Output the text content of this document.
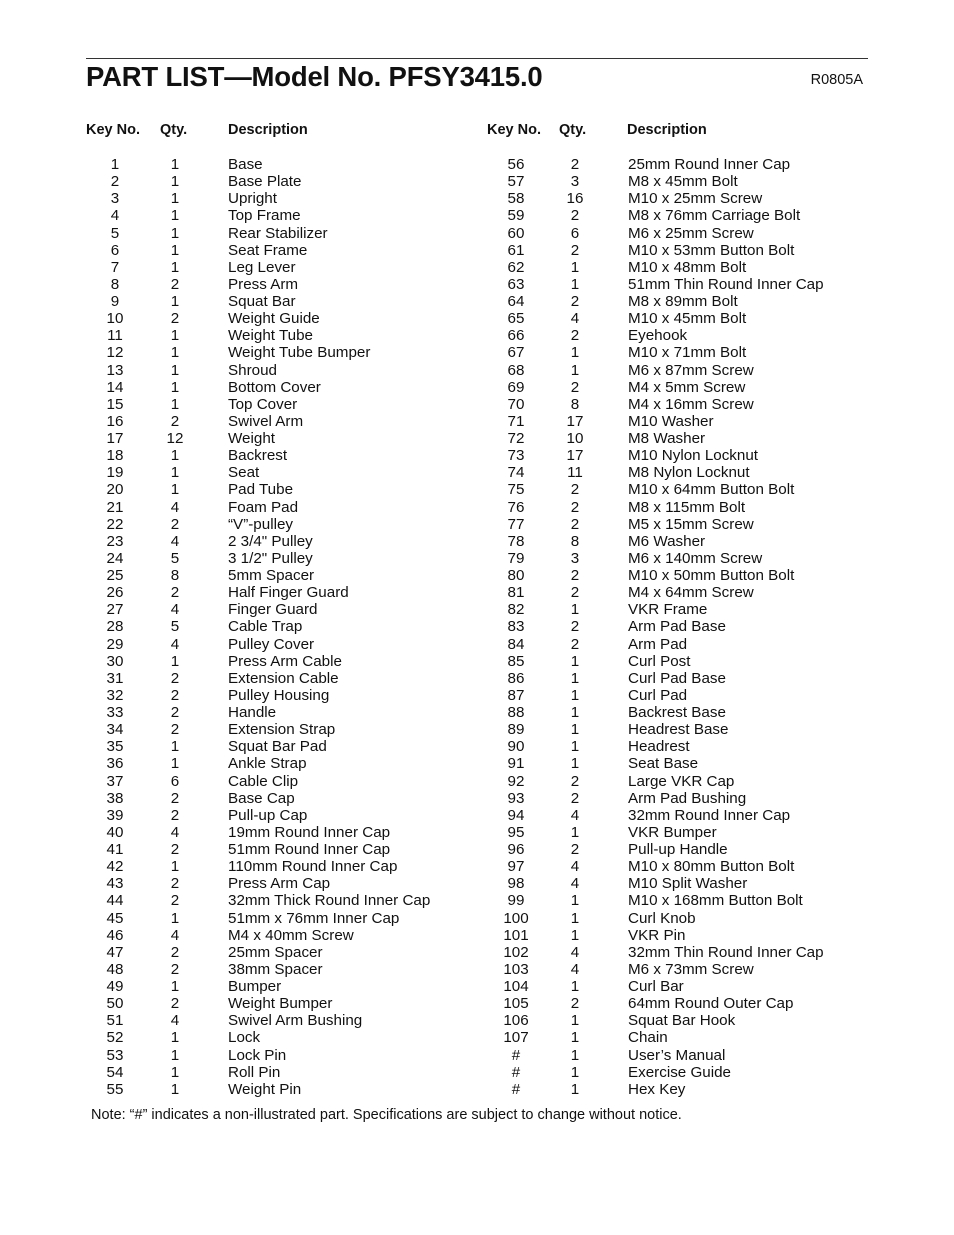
PART LIST—Model No. PFSY3415.0	R0805A
Key No. Qty.	Description	Key No. Qty.	Description
1	1	Base
2	1	Base Plate
3	1	Upright
4	1	Top Frame
5	1	Rear Stabilizer
6	1	Seat Frame
7	1	Leg Lever
8	2	Press Arm
9	1	Squat Bar
10	2	Weight Guide
11	1	Weight Tube
12	1	Weight Tube Bumper
13	1	Shroud
14	1	Bottom Cover
15	1	Top Cover
16	2	Swivel Arm
17	12	Weight
18	1	Backrest
19	1	Seat
20	1	Pad Tube
21	4	Foam Pad
22	2	“V”-pulley
23	4	2 3/4" Pulley
24	5	3 1/2" Pulley
25	8	5mm Spacer
26	2	Half Finger Guard
27	4	Finger Guard
28	5	Cable Trap
29	4	Pulley Cover
30	1	Press Arm Cable
31	2	Extension Cable
32	2	Pulley Housing
33	2	Handle
34	2	Extension Strap
35	1	Squat Bar Pad
36	1	Ankle Strap
37	6	Cable Clip
38	2	Base Cap
39	2	Pull-up Cap
40	4	19mm Round Inner Cap
41	2	51mm Round Inner Cap
42	1	110mm Round Inner Cap
43	2	Press Arm Cap
44	2	32mm Thick Round Inner Cap
45	1	51mm x 76mm Inner Cap
46	4	M4 x 40mm Screw
47	2	25mm Spacer
48	2	38mm Spacer
49	1	Bumper
50	2	Weight Bumper
51	4	Swivel Arm Bushing
52	1	Lock
53	1	Lock Pin
54	1	Roll Pin
55	1	Weight Pin
56	2	25mm Round Inner Cap
57	3	M8 x 45mm Bolt
58	16	M10 x 25mm Screw
59	2	M8 x 76mm Carriage Bolt
60	6	M6 x 25mm Screw
61	2	M10 x 53mm Button Bolt
62	1	M10 x 48mm Bolt
63	1	51mm Thin Round Inner Cap
64	2	M8 x 89mm Bolt
65	4	M10 x 45mm Bolt
66	2	Eyehook
67	1	M10 x 71mm Bolt
68	1	M6 x 87mm Screw
69	2	M4 x 5mm Screw
70	8	M4 x 16mm Screw
71	17	M10 Washer
72	10	M8 Washer
73	17	M10 Nylon Locknut
74	11	M8 Nylon Locknut
75	2	M10 x 64mm Button Bolt
76	2	M8 x 115mm Bolt
77	2	M5 x 15mm Screw
78	8	M6 Washer
79	3	M6 x 140mm Screw
80	2	M10 x 50mm Button Bolt
81	2	M4 x 64mm Screw
82	1	VKR Frame
83	2	Arm Pad Base
84	2	Arm Pad
85	1	Curl Post
86	1	Curl Pad Base
87	1	Curl Pad
88	1	Backrest Base
89	1	Headrest Base
90	1	Headrest
91	1	Seat Base
92	2	Large VKR Cap
93	2	Arm Pad Bushing
94	4	32mm Round Inner Cap
95	1	VKR Bumper
96	2	Pull-up Handle
97	4	M10 x 80mm Button Bolt
98	4	M10 Split Washer
99	1	M10 x 168mm Button Bolt
100	1	Curl Knob
101	1	VKR Pin
102	4	32mm Thin Round Inner Cap
103	4	M6 x 73mm Screw
104	1	Curl Bar
105	2	64mm Round Outer Cap
106	1	Squat Bar Hook
107	1	Chain
#	1	User’s Manual
#	1	Exercise Guide
#	1	Hex Key
Note: “#” indicates a non-illustrated part. Specifications are subject to change without notice.
